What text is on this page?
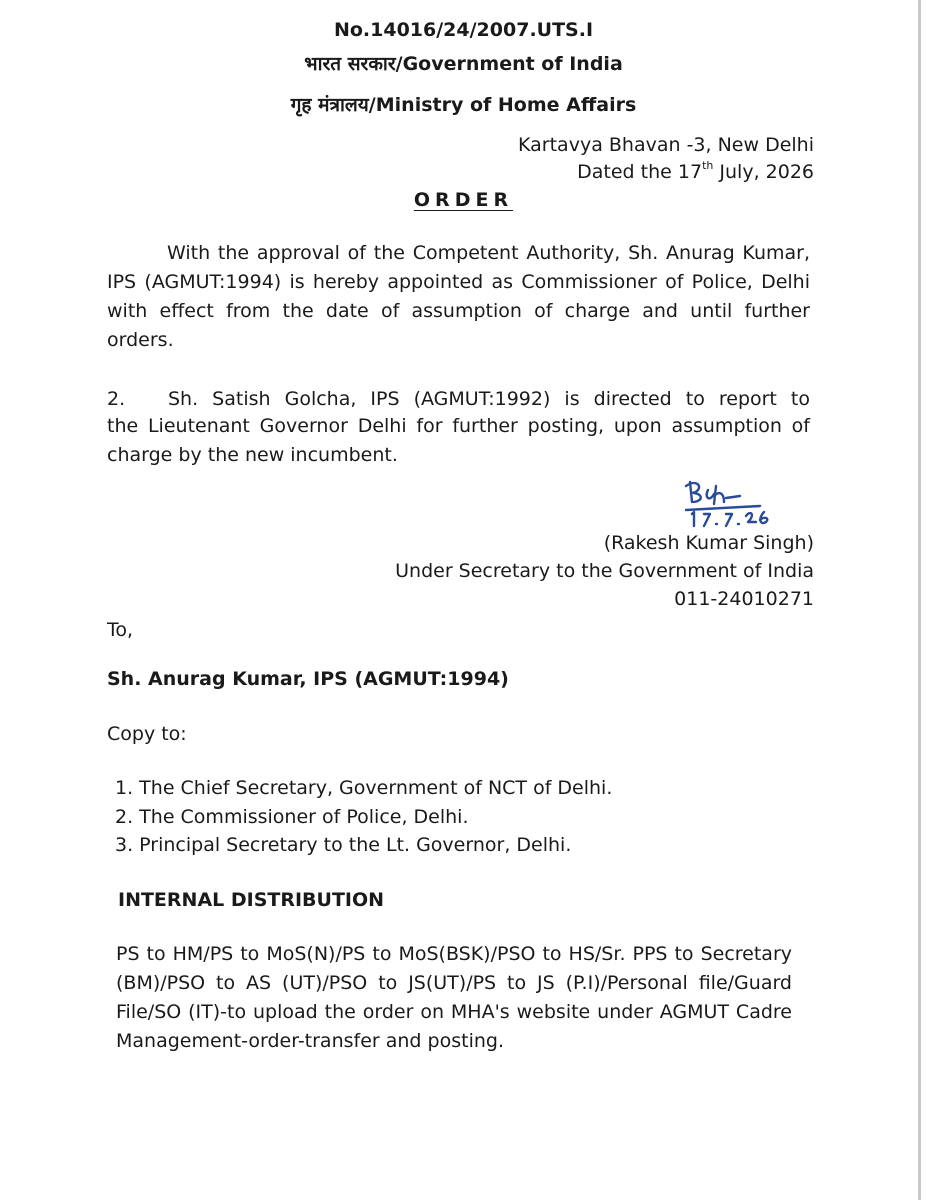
No.14016/24/2007.UTS.I
भारत सरकार/Government of India
गृह मंत्रालय/Ministry of Home Affairs
Kartavya Bhavan -3, New Delhi
Dated the 17th July, 2026
ORDER
With the approval of the Competent Authority, Sh. Anurag Kumar, IPS (AGMUT:1994) is hereby appointed as Commissioner of Police, Delhi with effect from the date of assumption of charge and until further orders.
2. Sh. Satish Golcha, IPS (AGMUT:1992) is directed to report to
the Lieutenant Governor Delhi for further posting, upon assumption of charge by the new incumbent.
(Rakesh Kumar Singh)
Under Secretary to the Government of India
011-24010271
To,
Sh. Anurag Kumar, IPS (AGMUT:1994)
Copy to:
1. The Chief Secretary, Government of NCT of Delhi.
2. The Commissioner of Police, Delhi.
3. Principal Secretary to the Lt. Governor, Delhi.
INTERNAL DISTRIBUTION
PS to HM/PS to MoS(N)/PS to MoS(BSK)/PSO to HS/Sr. PPS to Secretary (BM)/PSO to AS (UT)/PSO to JS(UT)/PS to JS (P.I)/Personal file/Guard File/SO (IT)-to upload the order on MHA's website under AGMUT Cadre Management-order-transfer and posting.
